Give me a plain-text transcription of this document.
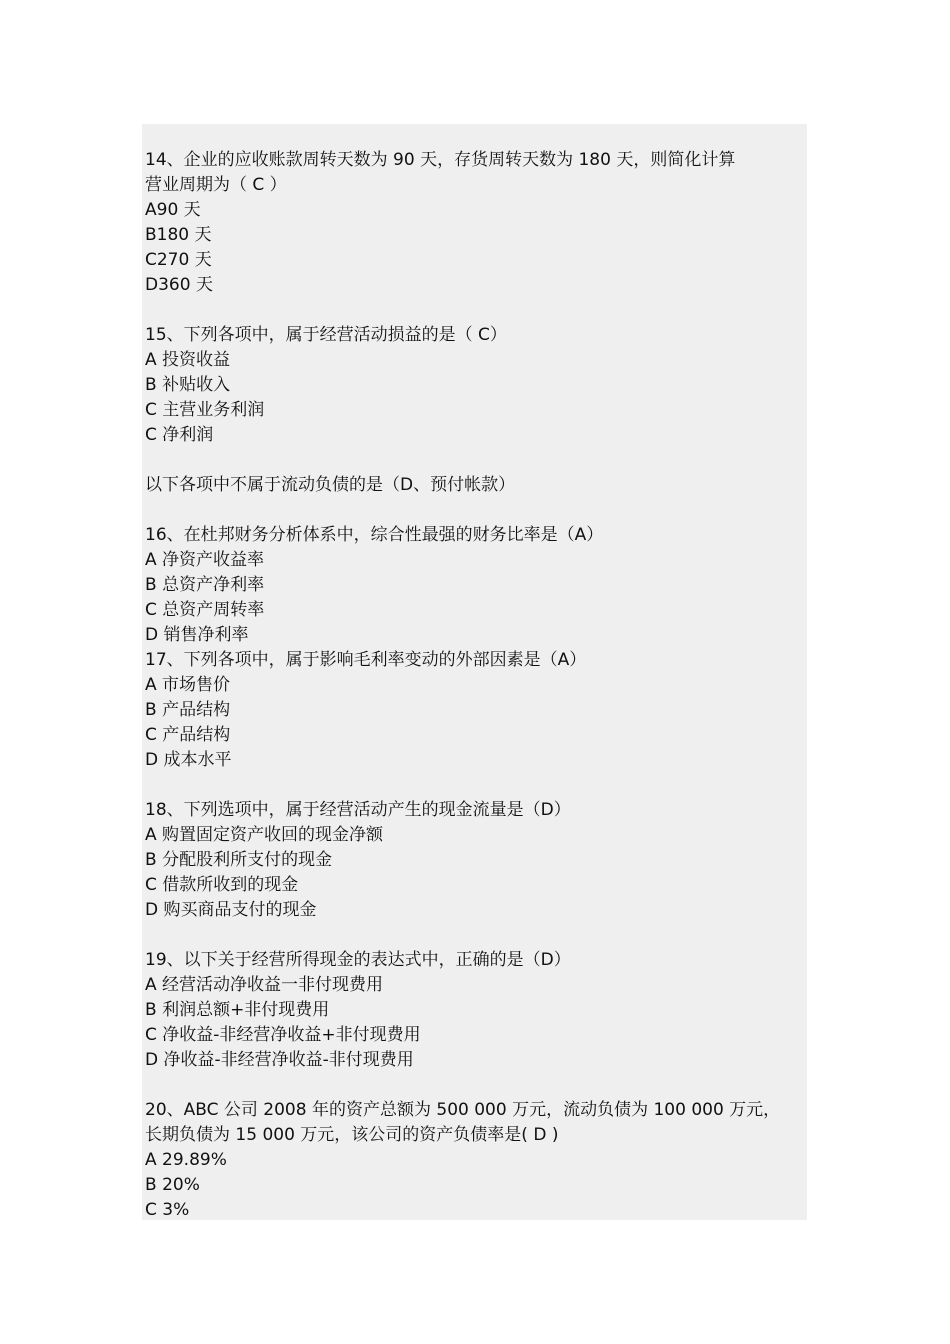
14、企业的应收账款周转天数为 90 天，存货周转天数为 180 天，则简化计算
营业周期为（ C ）
A90 天
B180 天
C270 天
D360 天
15、下列各项中，属于经营活动损益的是（ C）
A 投资收益
B 补贴收入
C 主营业务利润
C 净利润
以下各项中不属于流动负债的是（D、预付帐款）
16、在杜邦财务分析体系中，综合性最强的财务比率是（A）
A 净资产收益率
B 总资产净利率
C 总资产周转率
D 销售净利率
17、下列各项中，属于影响毛利率变动的外部因素是（A）
A 市场售价
B 产品结构
C 产品结构
D 成本水平
18、下列选项中，属于经营活动产生的现金流量是（D）
A 购置固定资产收回的现金净额
B 分配股利所支付的现金
C 借款所收到的现金
D 购买商品支付的现金
19、以下关于经营所得现金的表达式中，正确的是（D）
A 经营活动净收益一非付现费用
B 利润总额+非付现费用
C 净收益-非经营净收益+非付现费用
D 净收益-非经营净收益-非付现费用
20、ABC 公司 2008 年的资产总额为 500 000 万元，流动负债为 100 000 万元，
长期负债为 15 000 万元，该公司的资产负债率是( D )
A 29.89%
B 20%
C 3%
